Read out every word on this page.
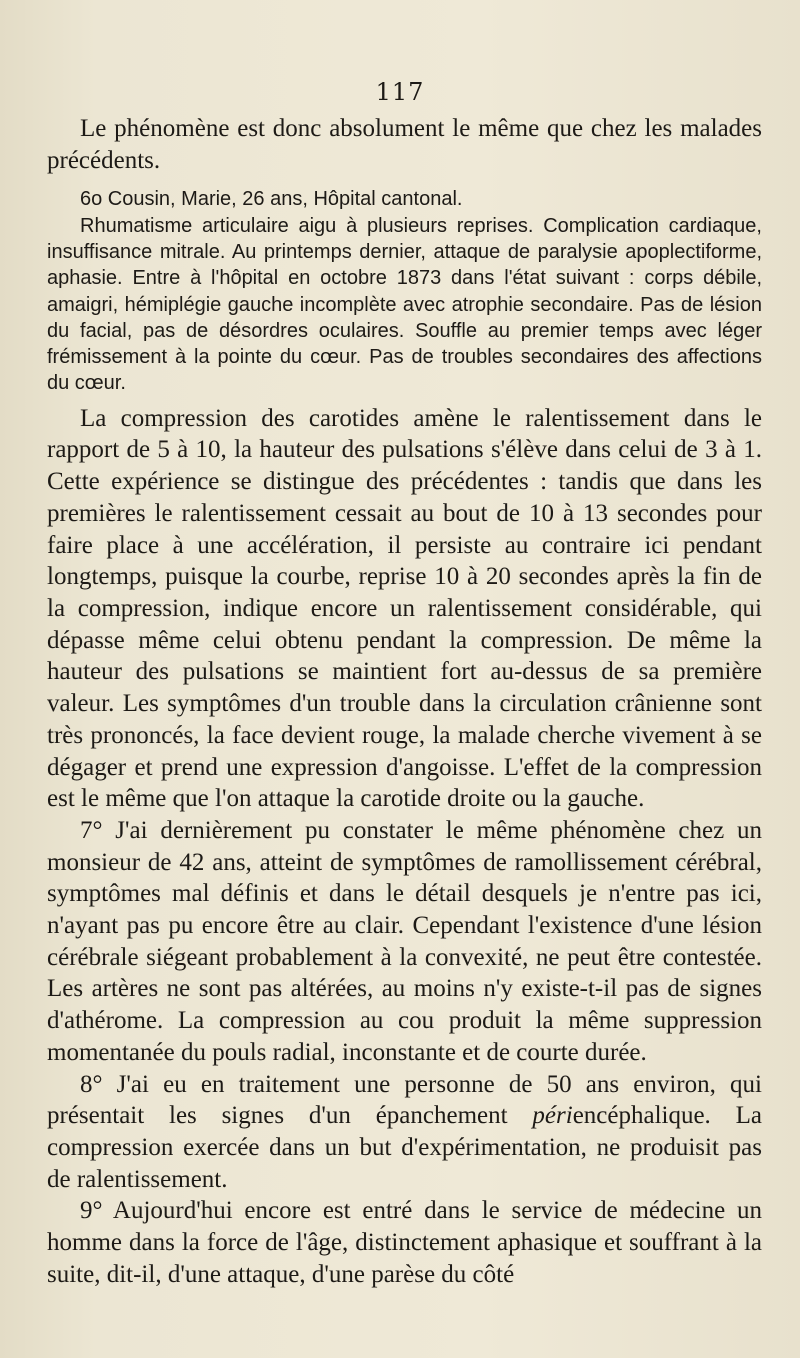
117

Le phénomène est donc absolument le même que chez les malades précédents.

6o Cousin, Marie, 26 ans, Hôpital cantonal.

Rhumatisme articulaire aigu à plusieurs reprises. Complication cardiaque, insuffisance mitrale. Au printemps dernier, attaque de paralysie apoplectiforme, aphasie. Entre à l'hôpital en octobre 1873 dans l'état suivant : corps débile, amaigri, hémiplégie gauche incomplète avec atrophie secondaire. Pas de lésion du facial, pas de désordres oculaires. Souffle au premier temps avec léger frémissement à la pointe du cœur. Pas de troubles secondaires des affections du cœur.

La compression des carotides amène le ralentissement dans le rapport de 5 à 10, la hauteur des pulsations s'élève dans celui de 3 à 1. Cette expérience se distingue des précédentes : tandis que dans les premières le ralentissement cessait au bout de 10 à 13 secondes pour faire place à une accélération, il persiste au contraire ici pendant longtemps, puisque la courbe, reprise 10 à 20 secondes après la fin de la compression, indique encore un ralentissement considérable, qui dépasse même celui obtenu pendant la compression. De même la hauteur des pulsations se maintient fort au-dessus de sa première valeur. Les symptômes d'un trouble dans la circulation crânienne sont très prononcés, la face devient rouge, la malade cherche vivement à se dégager et prend une expression d'angoisse. L'effet de la compression est le même que l'on attaque la carotide droite ou la gauche.

7° J'ai dernièrement pu constater le même phénomène chez un monsieur de 42 ans, atteint de symptômes de ramollissement cérébral, symptômes mal définis et dans le détail desquels je n'entre pas ici, n'ayant pas pu encore être au clair. Cependant l'existence d'une lésion cérébrale siégeant probablement à la convexité, ne peut être contestée. Les artères ne sont pas altérées, au moins n'y existe-t-il pas de signes d'athérome. La compression au cou produit la même suppression momentanée du pouls radial, inconstante et de courte durée.

8° J'ai eu en traitement une personne de 50 ans environ, qui présentait les signes d'un épanchement périencéphalique. La compression exercée dans un but d'expérimentation, ne produisit pas de ralentissement.

9° Aujourd'hui encore est entré dans le service de médecine un homme dans la force de l'âge, distinctement aphasique et souffrant à la suite, dit-il, d'une attaque, d'une parèse du côté
